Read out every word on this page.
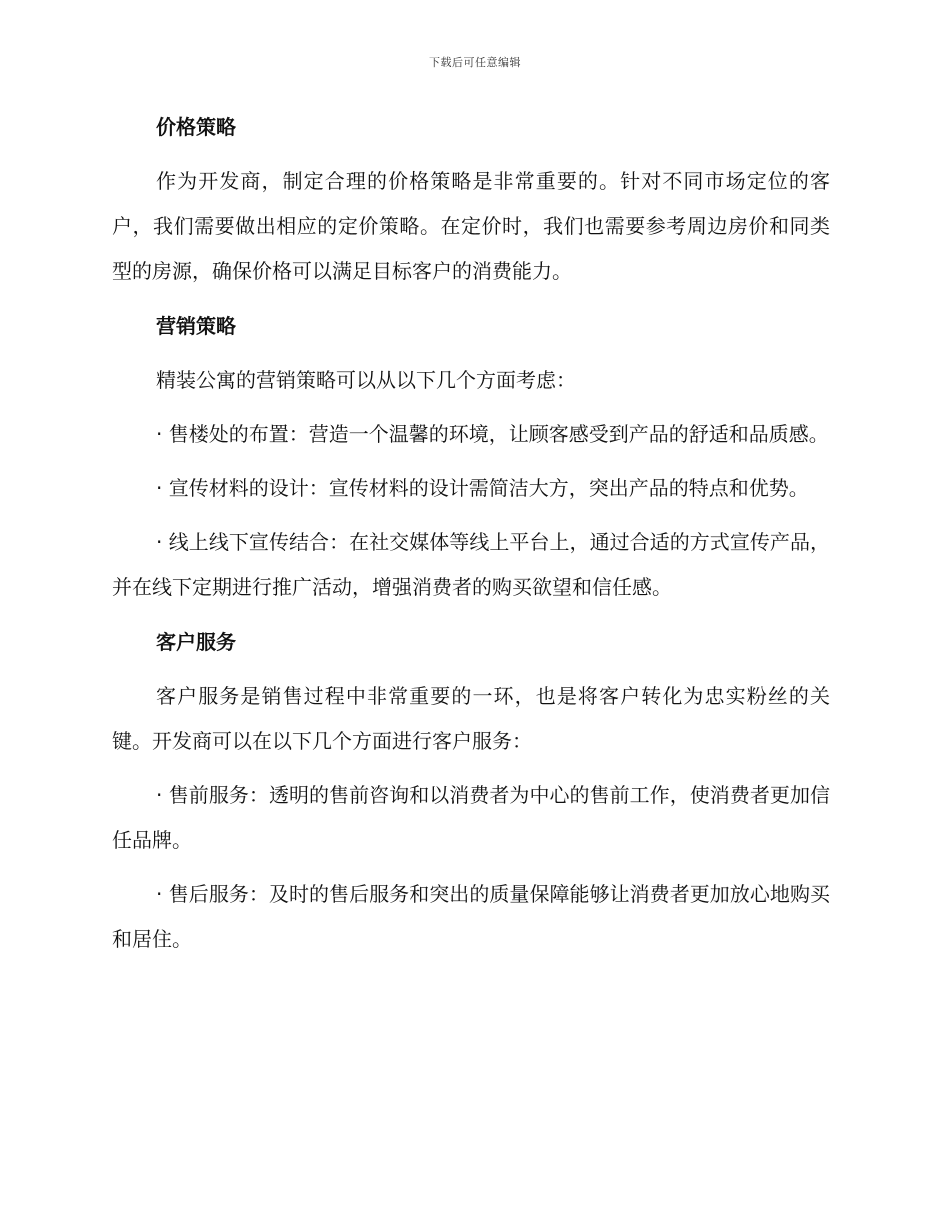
下载后可任意编辑
价格策略

作为开发商，制定合理的价格策略是非常重要的。针对不同市场定位的客户，我们需要做出相应的定价策略。在定价时，我们也需要参考周边房价和同类型的房源，确保价格可以满足目标客户的消费能力。

营销策略

精装公寓的营销策略可以从以下几个方面考虑：

· 售楼处的布置：营造一个温馨的环境，让顾客感受到产品的舒适和品质感。

· 宣传材料的设计：宣传材料的设计需简洁大方，突出产品的特点和优势。

· 线上线下宣传结合：在社交媒体等线上平台上，通过合适的方式宣传产品，并在线下定期进行推广活动，增强消费者的购买欲望和信任感。

客户服务

客户服务是销售过程中非常重要的一环，也是将客户转化为忠实粉丝的关键。开发商可以在以下几个方面进行客户服务：

· 售前服务：透明的售前咨询和以消费者为中心的售前工作，使消费者更加信任品牌。

· 售后服务：及时的售后服务和突出的质量保障能够让消费者更加放心地购买和居住。
